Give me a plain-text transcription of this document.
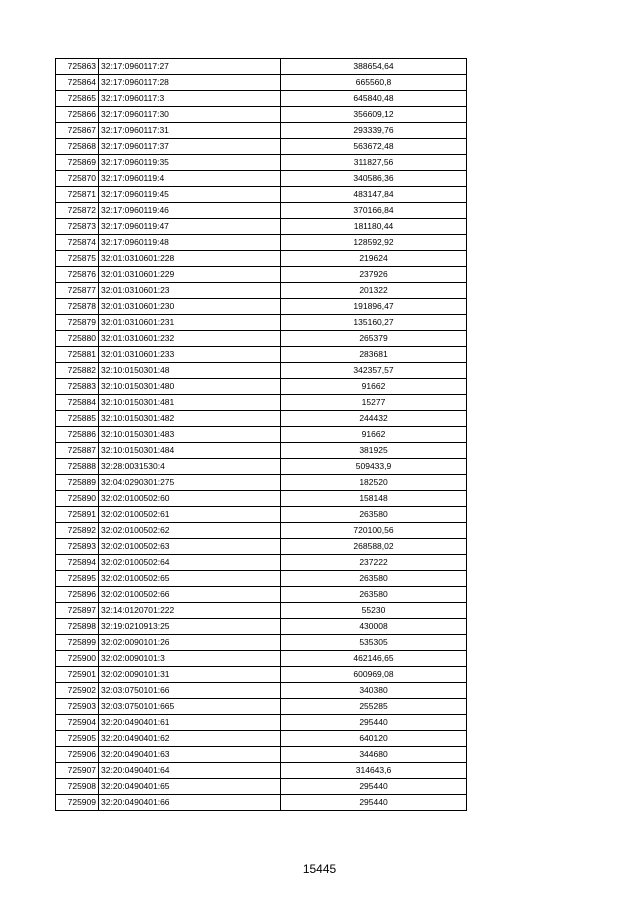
725863	32:17:0960117:27	388654,64
725864	32:17:0960117:28	665560,8
725865	32:17:0960117:3	645840,48
725866	32:17:0960117:30	356609,12
725867	32:17:0960117:31	293339,76
725868	32:17:0960117:37	563672,48
725869	32:17:0960119:35	311827,56
725870	32:17:0960119:4	340586,36
725871	32:17:0960119:45	483147,84
725872	32:17:0960119:46	370166,84
725873	32:17:0960119:47	181180,44
725874	32:17:0960119:48	128592,92
725875	32:01:0310601:228	219624
725876	32:01:0310601:229	237926
725877	32:01:0310601:23	201322
725878	32:01:0310601:230	191896,47
725879	32:01:0310601:231	135160,27
725880	32:01:0310601:232	265379
725881	32:01:0310601:233	283681
725882	32:10:0150301:48	342357,57
725883	32:10:0150301:480	91662
725884	32:10:0150301:481	15277
725885	32:10:0150301:482	244432
725886	32:10:0150301:483	91662
725887	32:10:0150301:484	381925
725888	32:28:0031530:4	509433,9
725889	32:04:0290301:275	182520
725890	32:02:0100502:60	158148
725891	32:02:0100502:61	263580
725892	32:02:0100502:62	720100,56
725893	32:02:0100502:63	268588,02
725894	32:02:0100502:64	237222
725895	32:02:0100502:65	263580
725896	32:02:0100502:66	263580
725897	32:14:0120701:222	55230
725898	32:19:0210913:25	430008
725899	32:02:0090101:26	535305
725900	32:02:0090101:3	462146,65
725901	32:02:0090101:31	600969,08
725902	32:03:0750101:66	340380
725903	32:03:0750101:665	255285
725904	32:20:0490401:61	295440
725905	32:20:0490401:62	640120
725906	32:20:0490401:63	344680
725907	32:20:0490401:64	314643,6
725908	32:20:0490401:65	295440
725909	32:20:0490401:66	295440
15445
